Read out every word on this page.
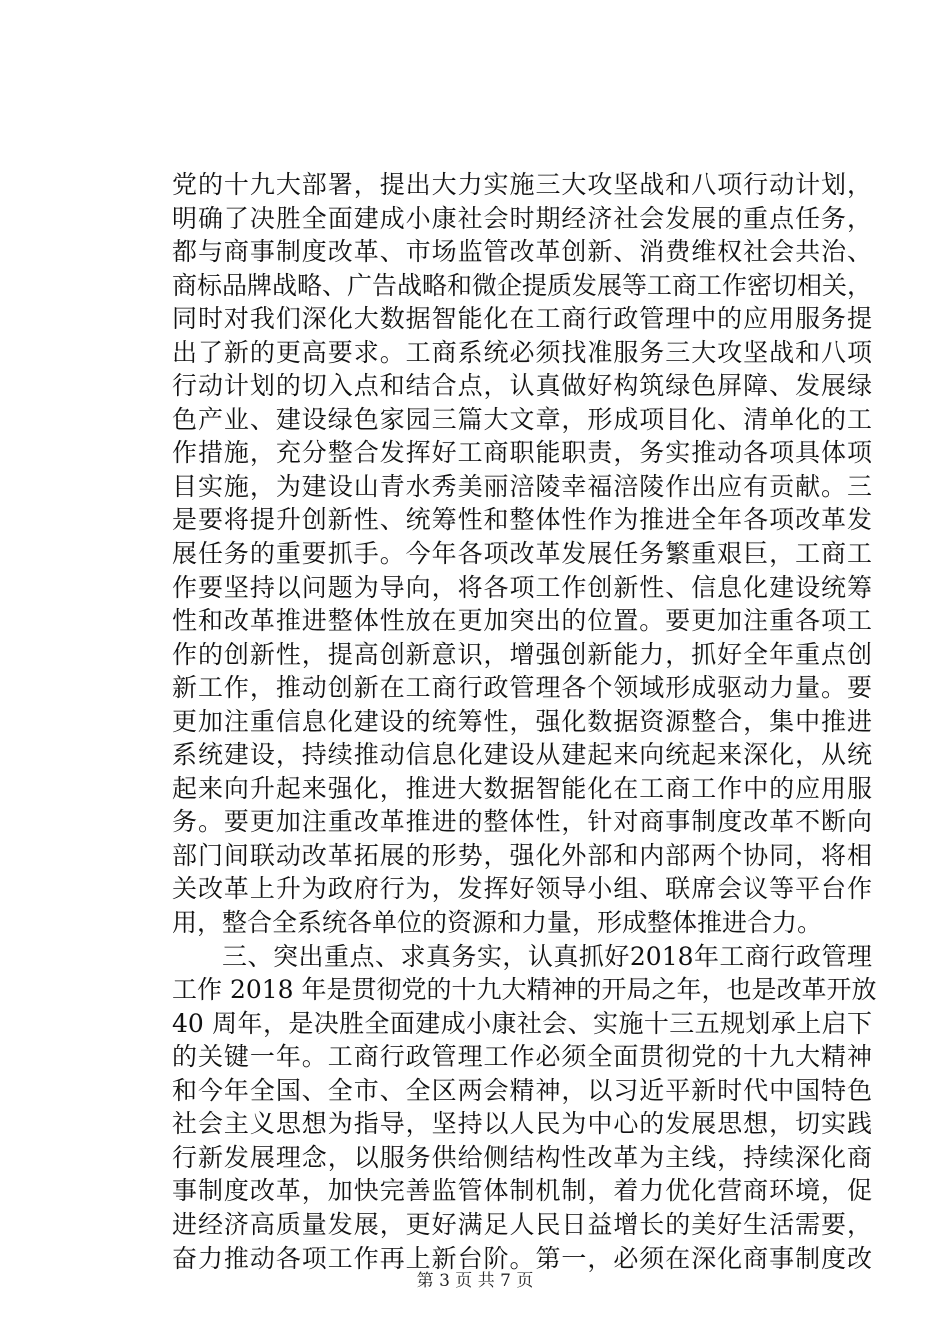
党的十九大部署，提出大力实施三大攻坚战和八项行动计划，
明确了决胜全面建成小康社会时期经济社会发展的重点任务，
都与商事制度改革、市场监管改革创新、消费维权社会共治、
商标品牌战略、广告战略和微企提质发展等工商工作密切相关，
同时对我们深化大数据智能化在工商行政管理中的应用服务提
出了新的更高要求。工商系统必须找准服务三大攻坚战和八项
行动计划的切入点和结合点，认真做好构筑绿色屏障、发展绿
色产业、建设绿色家园三篇大文章，形成项目化、清单化的工
作措施，充分整合发挥好工商职能职责，务实推动各项具体项
目实施，为建设山青水秀美丽涪陵幸福涪陵作出应有贡献。三
是要将提升创新性、统筹性和整体性作为推进全年各项改革发
展任务的重要抓手。今年各项改革发展任务繁重艰巨，工商工
作要坚持以问题为导向，将各项工作创新性、信息化建设统筹
性和改革推进整体性放在更加突出的位置。要更加注重各项工
作的创新性，提高创新意识，增强创新能力，抓好全年重点创
新工作，推动创新在工商行政管理各个领域形成驱动力量。要
更加注重信息化建设的统筹性，强化数据资源整合，集中推进
系统建设，持续推动信息化建设从建起来向统起来深化，从统
起来向升起来强化，推进大数据智能化在工商工作中的应用服
务。要更加注重改革推进的整体性，针对商事制度改革不断向
部门间联动改革拓展的形势，强化外部和内部两个协同，将相
关改革上升为政府行为，发挥好领导小组、联席会议等平台作
用，整合全系统各单位的资源和力量，形成整体推进合力。
三、突出重点、求真务实，认真抓好2018年工商行政管理
工作 2018 年是贯彻党的十九大精神的开局之年，也是改革开放
40 周年，是决胜全面建成小康社会、实施十三五规划承上启下
的关键一年。工商行政管理工作必须全面贯彻党的十九大精神
和今年全国、全市、全区两会精神，以习近平新时代中国特色
社会主义思想为指导，坚持以人民为中心的发展思想，切实践
行新发展理念，以服务供给侧结构性改革为主线，持续深化商
事制度改革，加快完善监管体制机制，着力优化营商环境，促
进经济高质量发展，更好满足人民日益增长的美好生活需要，
奋力推动各项工作再上新台阶。第一，必须在深化商事制度改
第 3 页 共 7 页
